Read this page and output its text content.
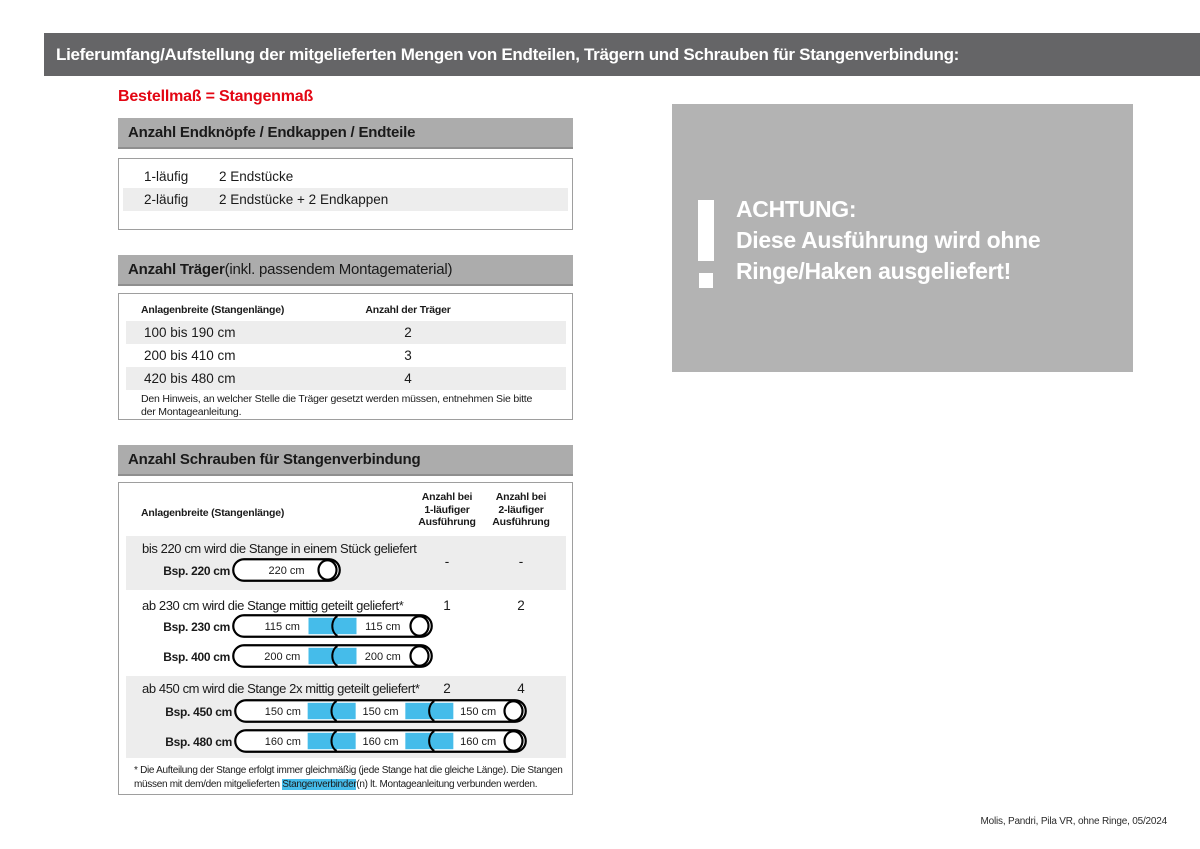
Lieferumfang/Aufstellung der mitgelieferten Mengen von Endteilen, Trägern und Schrauben für Stangenverbindung:
Bestellmaß = Stangenmaß
Anzahl Endknöpfe / Endkappen / Endteile
1-läufig	2 Endstücke
2-läufig	2 Endstücke + 2 Endkappen
Anzahl Träger (inkl. passendem Montagematerial)
Anlagenbreite (Stangenlänge)	Anzahl der Träger
100 bis 190 cm	2
200 bis 410 cm	3
420 bis 480 cm	4
Den Hinweis, an welcher Stelle die Träger gesetzt werden müssen, entnehmen Sie bitte
der Montageanleitung.
Anzahl Schrauben für Stangenverbindung
Anlagenbreite (Stangenlänge)
Anzahl bei
1-läufiger
Ausführung
Anzahl bei
2-läufiger
Ausführung
bis 220 cm wird die Stange in einem Stück geliefert
-	-
Bsp. 220 cm	220 cm
ab 230 cm wird die Stange mittig geteilt geliefert*	1	2
Bsp. 230 cm	115 cm	115 cm
Bsp. 400 cm	200 cm	200 cm
ab 450 cm wird die Stange 2x mittig geteilt geliefert*	2	4
Bsp. 450 cm	150 cm	150 cm	150 cm
Bsp. 480 cm	160 cm	160 cm	160 cm
* Die Aufteilung der Stange erfolgt immer gleichmäßig (jede Stange hat die gleiche Länge). Die Stangen
müssen mit dem/den mitgelieferten Stangenverbinder(n) lt. Montageanleitung verbunden werden.
ACHTUNG:
Diese Ausführung wird ohne
Ringe/Haken ausgeliefert!
Molis, Pandri, Pila VR, ohne Ringe, 05/2024
